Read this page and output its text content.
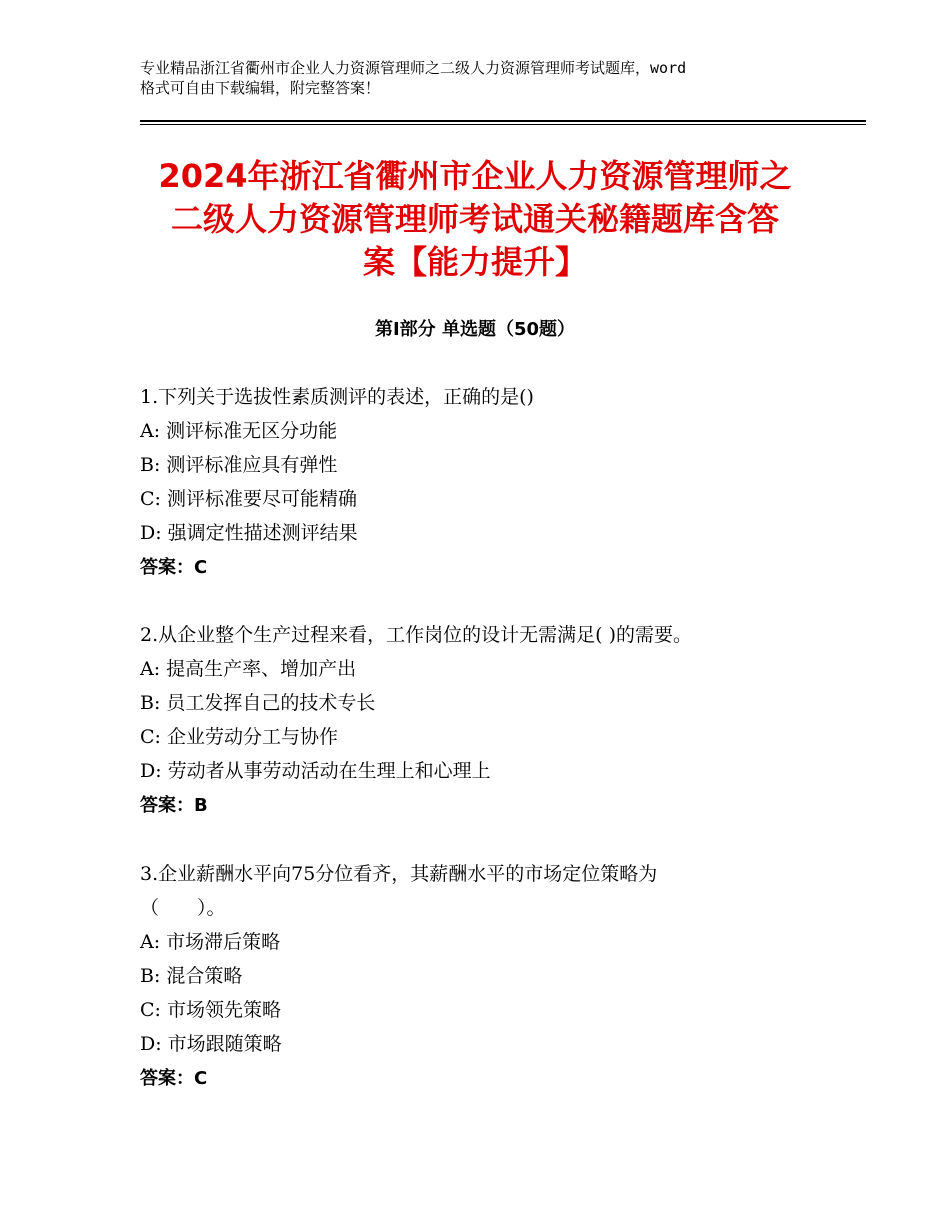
专业精品浙江省衢州市企业人力资源管理师之二级人力资源管理师考试题库，word
格式可自由下载编辑，附完整答案！
2024年浙江省衢州市企业人力资源管理师之
二级人力资源管理师考试通关秘籍题库含答
案【能力提升】
第Ⅰ部分 单选题（50题）
1.下列关于选拔性素质测评的表述，正确的是()
A: 测评标准无区分功能
B: 测评标准应具有弹性
C: 测评标准要尽可能精确
D: 强调定性描述测评结果
答案：C
2.从企业整个生产过程来看，工作岗位的设计无需满足( )的需要。
A: 提高生产率、增加产出
B: 员工发挥自己的技术专长
C: 企业劳动分工与协作
D: 劳动者从事劳动活动在生理上和心理上
答案：B
3.企业薪酬水平向75分位看齐，其薪酬水平的市场定位策略为
（　　）。
A: 市场滞后策略
B: 混合策略
C: 市场领先策略
D: 市场跟随策略
答案：C
